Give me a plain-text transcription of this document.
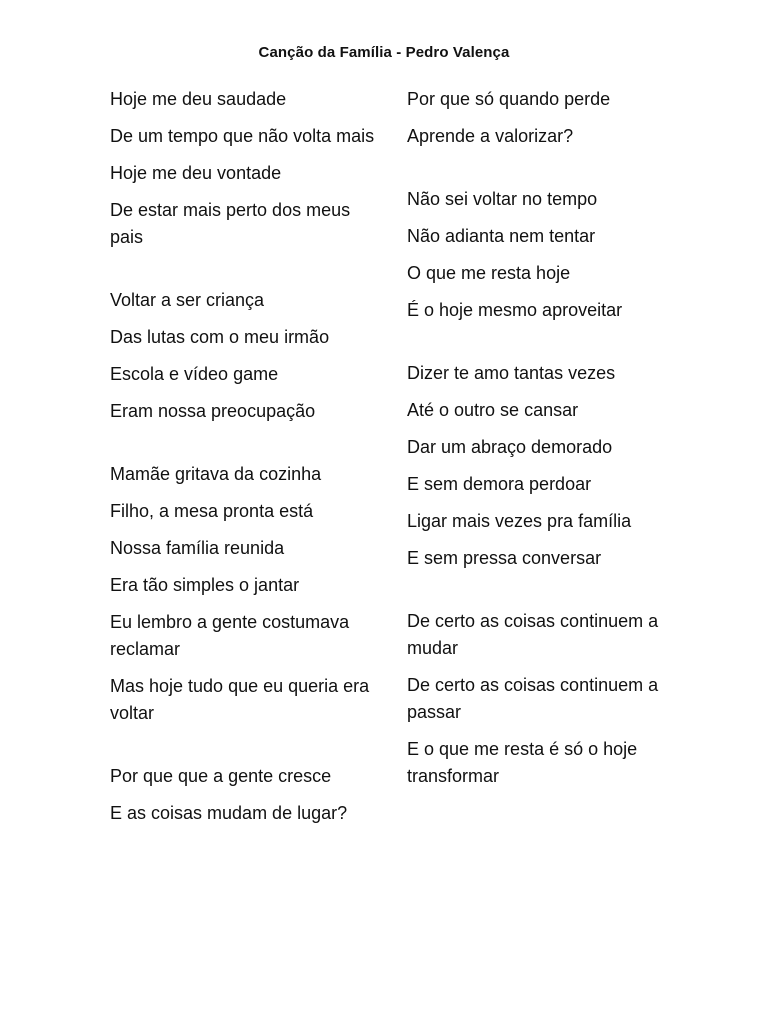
Canção da Família - Pedro Valença
Hoje me deu saudade
De um tempo que não volta mais
Hoje me deu vontade
De estar mais perto dos meus pais
Voltar a ser criança
Das lutas com o meu irmão
Escola e vídeo game
Eram nossa preocupação
Mamãe gritava da cozinha
Filho, a mesa pronta está
Nossa família reunida
Era tão simples o jantar
Eu lembro a gente costumava reclamar
Mas hoje tudo que eu queria era voltar
Por que que a gente cresce
E as coisas mudam de lugar?
Por que só quando perde
Aprende a valorizar?
Não sei voltar no tempo
Não adianta nem tentar
O que me resta hoje
É o hoje mesmo aproveitar
Dizer te amo tantas vezes
Até o outro se cansar
Dar um abraço demorado
E sem demora perdoar
Ligar mais vezes pra família
E sem pressa conversar
De certo as coisas continuem a mudar
De certo as coisas continuem a passar
E o que me resta é só o hoje transformar
